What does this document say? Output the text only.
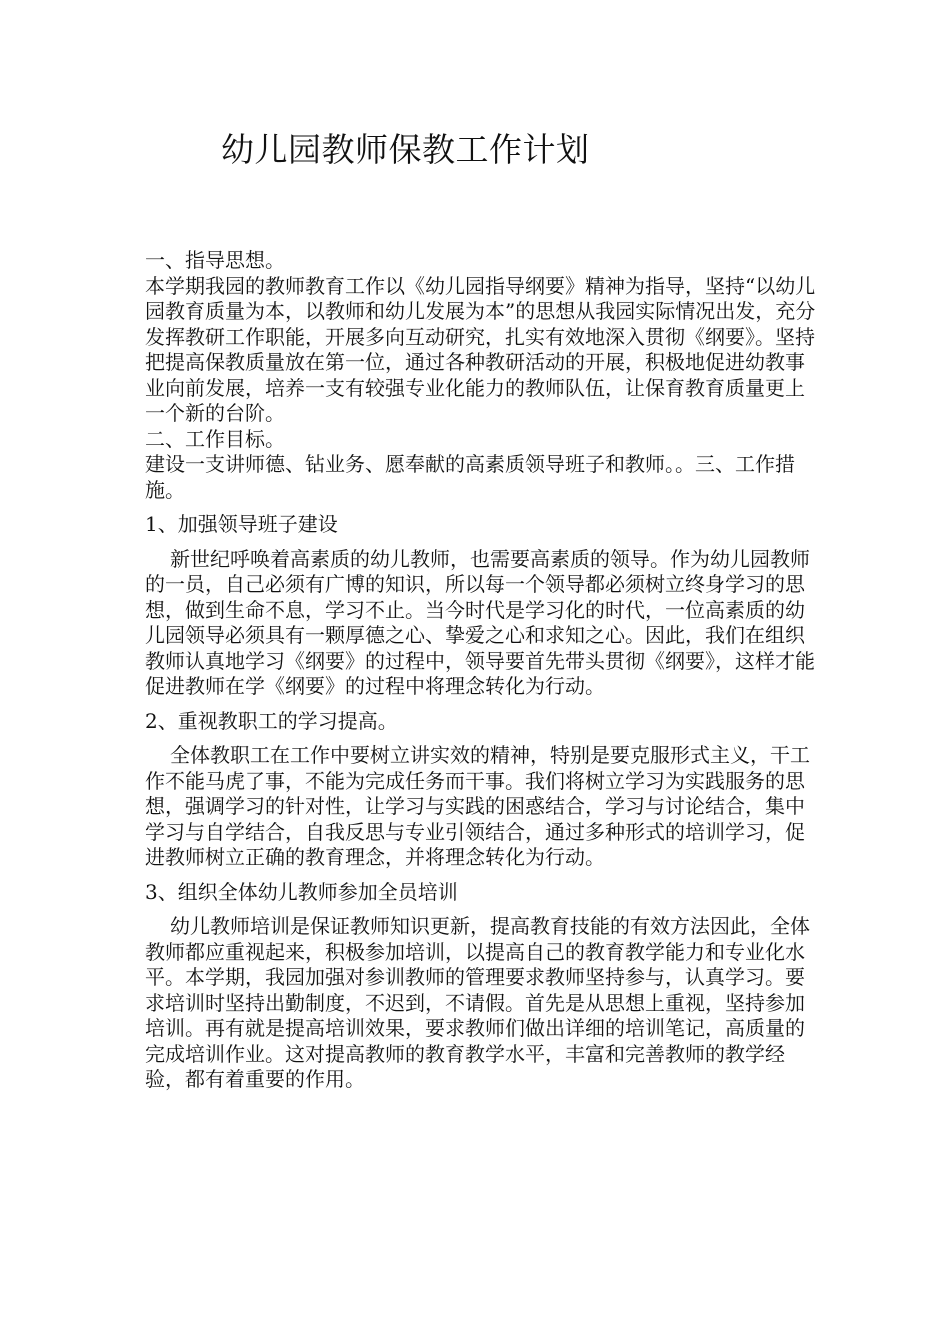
幼儿园教师保教工作计划

一、指导思想。

本学期我园的教师教育工作以《幼儿园指导纲要》精神为指导，坚持“以幼儿园教育质量为本，以教师和幼儿发展为本”的思想从我园实际情况出发，充分发挥教研工作职能，开展多向互动研究，扎实有效地深入贯彻《纲要》。坚持把提高保教质量放在第一位，通过各种教研活动的开展，积极地促进幼教事业向前发展，培养一支有较强专业化能力的教师队伍，让保育教育质量更上一个新的台阶。

二、工作目标。

建设一支讲师德、钻业务、愿奉献的高素质领导班子和教师。。三、工作措施。

1、加强领导班子建设

新世纪呼唤着高素质的幼儿教师，也需要高素质的领导。作为幼儿园教师的一员，自己必须有广博的知识，所以每一个领导都必须树立终身学习的思想，做到生命不息，学习不止。当今时代是学习化的时代，一位高素质的幼儿园领导必须具有一颗厚德之心、挚爱之心和求知之心。因此，我们在组织教师认真地学习《纲要》的过程中，领导要首先带头贯彻《纲要》，这样才能促进教师在学《纲要》的过程中将理念转化为行动。

2、重视教职工的学习提高。

全体教职工在工作中要树立讲实效的精神，特别是要克服形式主义，干工作不能马虎了事，不能为完成任务而干事。我们将树立学习为实践服务的思想，强调学习的针对性，让学习与实践的困惑结合，学习与讨论结合，集中学习与自学结合，自我反思与专业引领结合，通过多种形式的培训学习，促进教师树立正确的教育理念，并将理念转化为行动。

3、组织全体幼儿教师参加全员培训

幼儿教师培训是保证教师知识更新，提高教育技能的有效方法因此，全体教师都应重视起来，积极参加培训，以提高自己的教育教学能力和专业化水平。本学期，我园加强对参训教师的管理要求教师坚持参与，认真学习。要求培训时坚持出勤制度，不迟到，不请假。首先是从思想上重视，坚持参加培训。再有就是提高培训效果，要求教师们做出详细的培训笔记，高质量的完成培训作业。这对提高教师的教育教学水平，丰富和完善教师的教学经验，都有着重要的作用。
